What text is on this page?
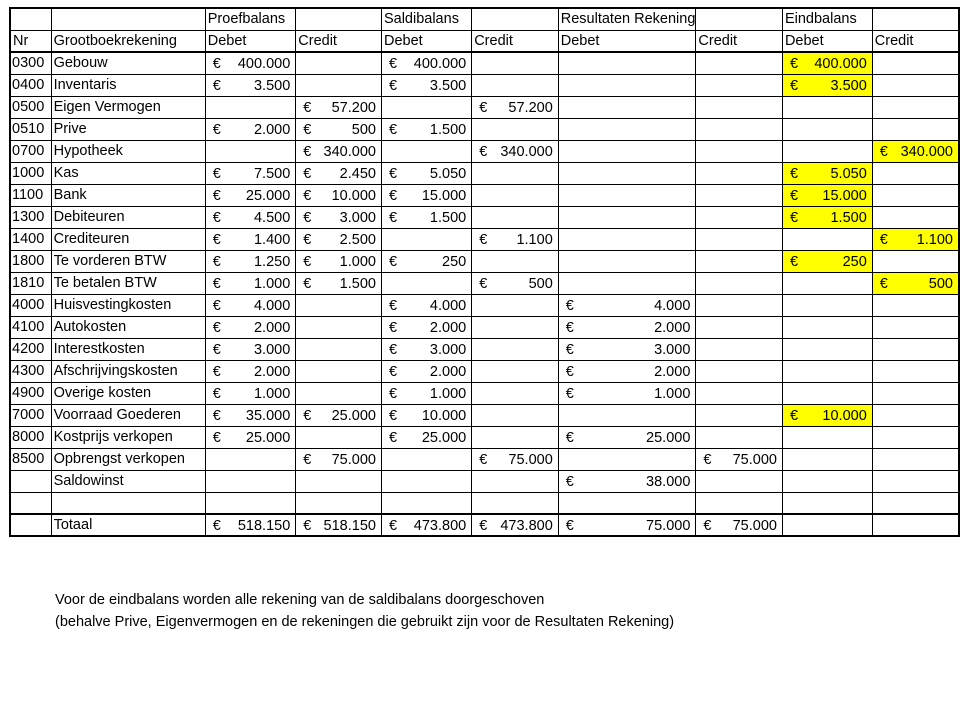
		Proefbalans		Saldibalans		Resultaten Rekening		Eindbalans	
Nr	Grootboekrekening	Debet	Credit	Debet	Credit	Debet	Credit	Debet	Credit
0300	Gebouw	€ 400.000		€ 400.000				€ 400.000	

0400	Inventaris	€ 3.500		€ 3.500				€ 3.500	

0500	Eigen Vermogen		€ 57.200		€ 57.200				

0510	Prive	€ 2.000	€ 500	€ 1.500					

0700	Hypotheek		€ 340.000		€ 340.000				€ 340.000

1000	Kas	€ 7.500	€ 2.450	€ 5.050				€ 5.050	

1100	Bank	€ 25.000	€ 10.000	€ 15.000				€ 15.000	

1300	Debiteuren	€ 4.500	€ 3.000	€ 1.500				€ 1.500	

1400	Crediteuren	€ 1.400	€ 2.500		€ 1.100				€ 1.100

1800	Te vorderen BTW	€ 1.250	€ 1.000	€ 250				€ 250	

1810	Te betalen BTW	€ 1.000	€ 1.500		€ 500				€ 500

4000	Huisvestingkosten	€ 4.000		€ 4.000		€ 4.000			

4100	Autokosten	€ 2.000		€ 2.000		€ 2.000			

4200	Interestkosten	€ 3.000		€ 3.000		€ 3.000			

4300	Afschrijvingskosten	€ 2.000		€ 2.000		€ 2.000			

4900	Overige kosten	€ 1.000		€ 1.000		€ 1.000			

7000	Voorraad Goederen	€ 35.000	€ 25.000	€ 10.000				€ 10.000	

8000	Kostprijs verkopen	€ 25.000		€ 25.000		€ 25.000			

8500	Opbrengst verkopen		€ 75.000		€ 75.000		€ 75.000		

	Saldowinst					€ 38.000			

	Totaal	€ 518.150	€ 518.150	€ 473.800	€ 473.800	€ 75.000	€ 75.000		

Voor de eindbalans worden alle rekening van de saldibalans doorgeschoven
(behalve Prive, Eigenvermogen en de rekeningen die gebruikt zijn voor de Resultaten Rekening)
